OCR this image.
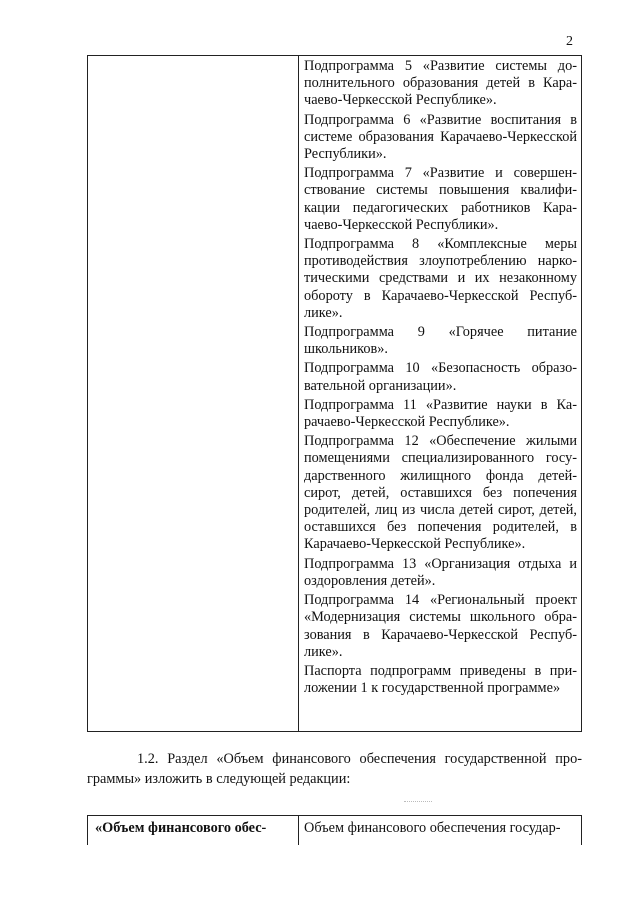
2

Подпрограмма 5 «Развитие системы дополнительного образования детей в Карачаево-Черкесской Республике».

Подпрограмма 6 «Развитие воспитания в системе образования Карачаево-Черкесской Республики».

Подпрограмма 7 «Развитие и совершенствование системы повышения квалификации педагогических работников Карачаево-Черкесской Республики».

Подпрограмма 8 «Комплексные меры противодействия злоупотреблению наркотическими средствами и их незаконному обороту в Карачаево-Черкесской Республике».

Подпрограмма 9 «Горячее питание школьников».

Подпрограмма 10 «Безопасность образовательной организации».

Подпрограмма 11 «Развитие науки в Карачаево-Черкесской Республике».

Подпрограмма 12 «Обеспечение жилыми помещениями специализированного государственного жилищного фонда детей-сирот, детей, оставшихся без попечения родителей, лиц из числа детей сирот, детей, оставшихся без попечения родителей, в Карачаево-Черкесской Республике».

Подпрограмма 13 «Организация отдыха и оздоровления детей».

Подпрограмма 14 «Региональный проект «Модернизация системы школьного образования в Карачаево-Черкесской Республике».

Паспорта подпрограмм приведены в приложении 1 к государственной программе»

1.2. Раздел «Объем финансового обеспечения государственной программы» изложить в следующей редакции:

«Объем финансового обес-	Объем финансового обеспечения государ-
